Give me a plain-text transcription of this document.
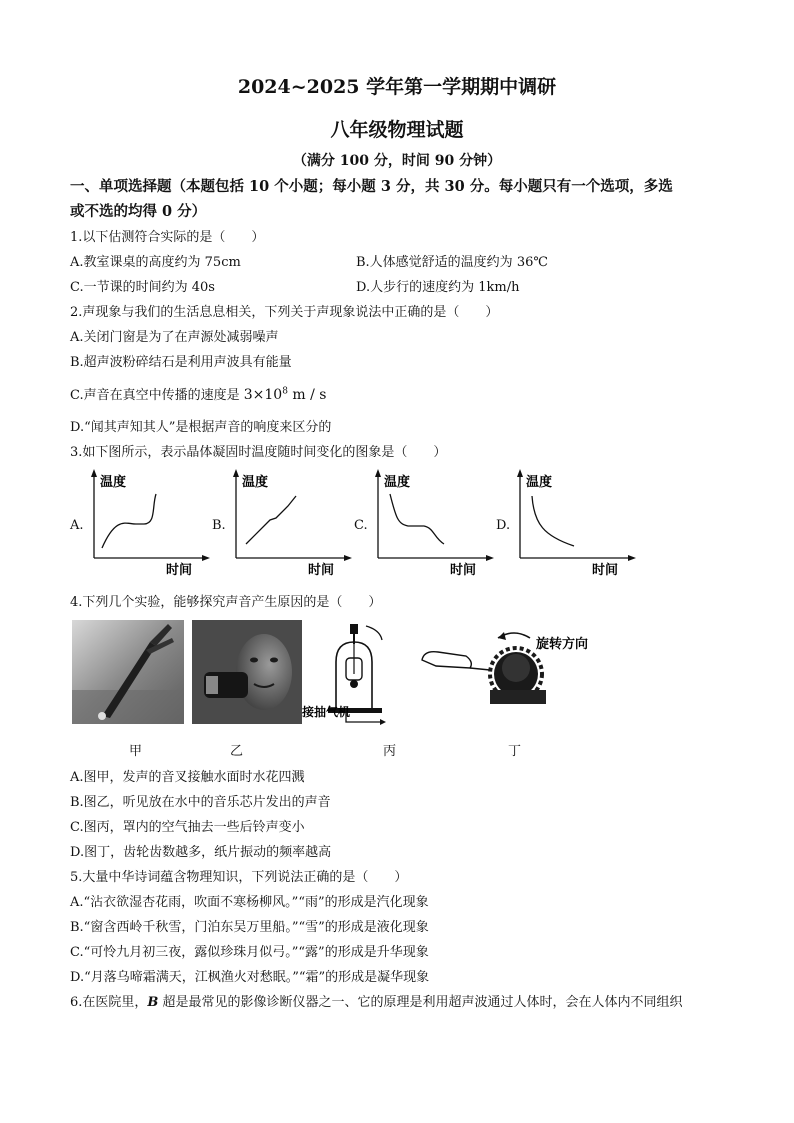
2024~2025 学年第一学期期中调研
八年级物理试题
（满分 100 分，时间 90 分钟）
一、单项选择题（本题包括 10 个小题；每小题 3 分，共 30 分。每小题只有一个选项，多选
或不选的均得 0 分）
1.以下估测符合实际的是（　　）
A.教室课桌的高度约为 75cm	B.人体感觉舒适的温度约为 36℃
C.一节课的时间约为 40s	D.人步行的速度约为 1km/h
2.声现象与我们的生活息息相关，下列关于声现象说法中正确的是（　　）
A.关闭门窗是为了在声源处减弱噪声
B.超声波粉碎结石是利用声波具有能量
C.声音在真空中传播的速度是 $3\times 10^8$ m / s
D.“闻其声知其人”是根据声音的响度来区分的
3.如下图所示，表示晶体凝固时温度随时间变化的图象是（　　）
A.
温度
时间
B.
温度
时间
C.
温度
时间
D.
温度
时间
4.下列几个实验，能够探究声音产生原因的是（　　）
接抽气机
旋转方向
甲	乙	丙	丁
A.图甲，发声的音叉接触水面时水花四溅
B.图乙，听见放在水中的音乐芯片发出的声音
C.图丙，罩内的空气抽去一些后铃声变小
D.图丁，齿轮齿数越多，纸片振动的频率越高
5.大量中华诗词蕴含物理知识，下列说法正确的是（　　）
A.“沾衣欲湿杏花雨，吹面不寒杨柳风。”“雨”的形成是汽化现象
B.“窗含西岭千秋雪，门泊东吴万里船。”“雪”的形成是液化现象
C.“可怜九月初三夜，露似珍珠月似弓。”“露”的形成是升华现象
D.“月落乌啼霜满天，江枫渔火对愁眠。”“霜”的形成是凝华现象
6.在医院里，B 超是最常见的影像诊断仪器之一、它的原理是利用超声波通过人体时，会在人体内不同组织
